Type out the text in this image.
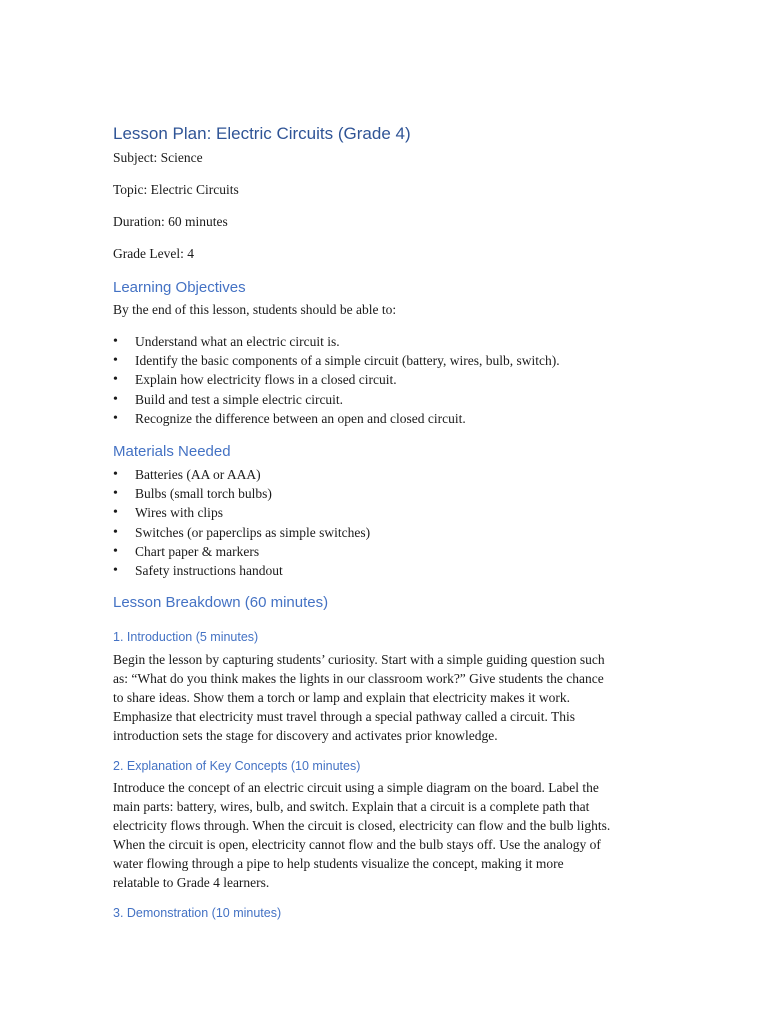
Lesson Plan: Electric Circuits (Grade 4)

Subject: Science

Topic: Electric Circuits

Duration: 60 minutes

Grade Level: 4

Learning Objectives

By the end of this lesson, students should be able to:

• Understand what an electric circuit is.
• Identify the basic components of a simple circuit (battery, wires, bulb, switch).
• Explain how electricity flows in a closed circuit.
• Build and test a simple electric circuit.
• Recognize the difference between an open and closed circuit.
Materials Needed
• Batteries (AA or AAA)
• Bulbs (small torch bulbs)
• Wires with clips
• Switches (or paperclips as simple switches)
• Chart paper & markers
• Safety instructions handout
Lesson Breakdown (60 minutes)
1. Introduction (5 minutes)
Begin the lesson by capturing students’ curiosity. Start with a simple guiding question such
as: “What do you think makes the lights in our classroom work?” Give students the chance
to share ideas. Show them a torch or lamp and explain that electricity makes it work.
Emphasize that electricity must travel through a special pathway called a circuit. This
introduction sets the stage for discovery and activates prior knowledge.
2. Explanation of Key Concepts (10 minutes)
Introduce the concept of an electric circuit using a simple diagram on the board. Label the
main parts: battery, wires, bulb, and switch. Explain that a circuit is a complete path that
electricity flows through. When the circuit is closed, electricity can flow and the bulb lights.
When the circuit is open, electricity cannot flow and the bulb stays off. Use the analogy of
water flowing through a pipe to help students visualize the concept, making it more
relatable to Grade 4 learners.
3. Demonstration (10 minutes)
